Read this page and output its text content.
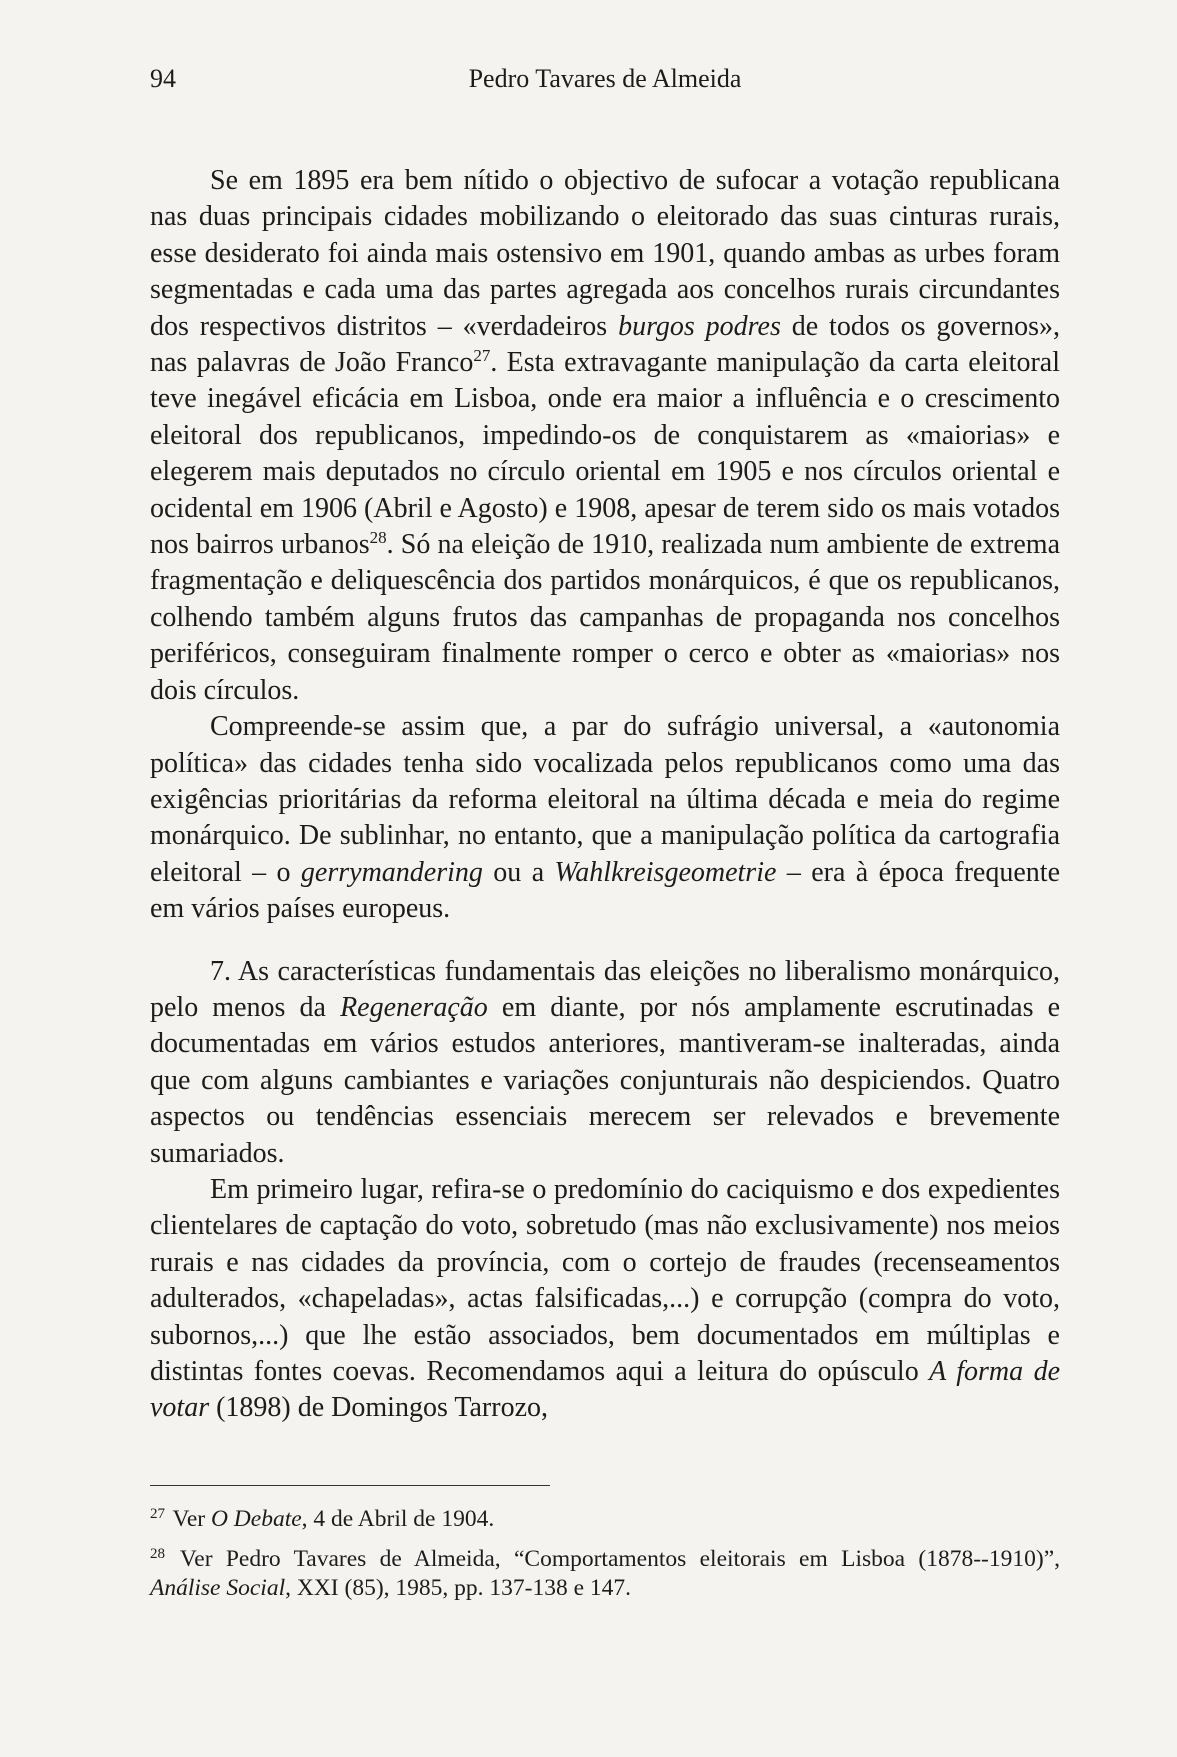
94	Pedro Tavares de Almeida

Se em 1895 era bem nítido o objectivo de sufocar a votação republicana nas duas principais cidades mobilizando o eleitorado das suas cinturas rurais, esse desiderato foi ainda mais ostensivo em 1901, quando ambas as urbes foram segmentadas e cada uma das partes agregada aos concelhos rurais circundantes dos respectivos distritos – «verdadeiros burgos podres de todos os governos», nas palavras de João Franco$^{27}$. Esta extravagante manipulação da carta eleitoral teve inegável eficácia em Lisboa, onde era maior a influência e o crescimento eleitoral dos republicanos, impedindo-os de conquistarem as «maiorias» e elegerem mais deputados no círculo oriental em 1905 e nos círculos oriental e ocidental em 1906 (Abril e Agosto) e 1908, apesar de terem sido os mais votados nos bairros urbanos$^{28}$. Só na eleição de 1910, realizada num ambiente de extrema fragmentação e deliquescência dos partidos monárquicos, é que os republicanos, colhendo também alguns frutos das campanhas de propaganda nos concelhos periféricos, conseguiram finalmente romper o cerco e obter as «maiorias» nos dois círculos.

Compreende-se assim que, a par do sufrágio universal, a «autonomia política» das cidades tenha sido vocalizada pelos republicanos como uma das exigências prioritárias da reforma eleitoral na última década e meia do regime monárquico. De sublinhar, no entanto, que a manipulação política da cartografia eleitoral – o gerrymandering ou a Wahlkreisgeometrie – era à época frequente em vários países europeus.

7. As características fundamentais das eleições no liberalismo monárquico, pelo menos da Regeneração em diante, por nós amplamente escrutinadas e documentadas em vários estudos anteriores, mantiveram-se inalteradas, ainda que com alguns cambiantes e variações conjunturais não despiciendos. Quatro aspectos ou tendências essenciais merecem ser relevados e brevemente sumariados.

Em primeiro lugar, refira-se o predomínio do caciquismo e dos expedientes clientelares de captação do voto, sobretudo (mas não exclusivamente) nos meios rurais e nas cidades da província, com o cortejo de fraudes (recenseamentos adulterados, «chapeladas», actas falsificadas,...) e corrupção (compra do voto, subornos,...) que lhe estão associados, bem documentados em múltiplas e distintas fontes coevas. Recomendamos aqui a leitura do opúsculo A forma de votar (1898) de Domingos Tarrozo,

$^{27}$ Ver O Debate, 4 de Abril de 1904.

$^{28}$ Ver Pedro Tavares de Almeida, “Comportamentos eleitorais em Lisboa (1878--1910)”, Análise Social, XXI (85), 1985, pp. 137-138 e 147.
